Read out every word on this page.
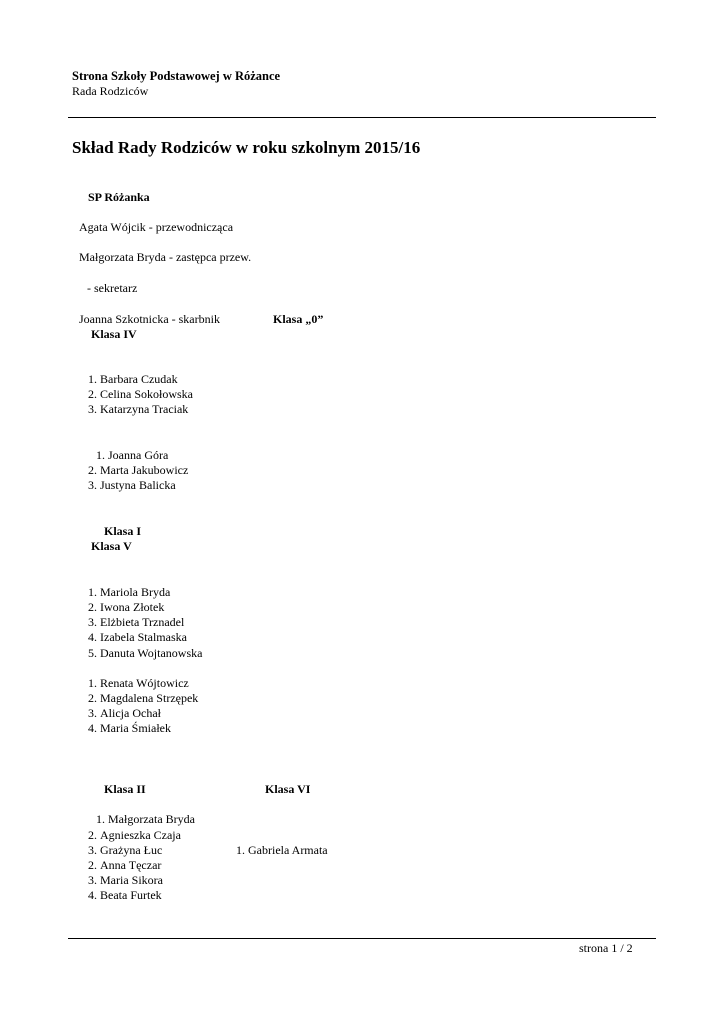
Strona Szkoły Podstawowej w Różance
Rada Rodziców
Skład Rady Rodziców w roku szkolnym 2015/16
SP Różanka
Agata Wójcik - przewodnicząca
Małgorzata Bryda - zastępca przew.
- sekretarz
Joanna Szkotnicka - skarbnik	Klasa „0”
1. Barbara Czudak
2. Celina Sokołowska
3. Katarzyna Traciak
Klasa IV
1. Joanna Góra
2. Marta Jakubowicz
3. Justyna Balicka
Klasa I
1. Mariola Bryda
2. Iwona Złotek
3. Elżbieta Trznadel
4. Izabela Stalmaska
5. Danuta Wojtanowska
Klasa V
1. Renata Wójtowicz
2. Magdalena Strzępek
3. Alicja Ochał
4. Maria Śmiałek
Klasa II
1. Małgorzata Bryda
2. Agnieszka Czaja
3. Grażyna Łuc
2. Anna Tęczar
3. Maria Sikora
4. Beata Furtek
Klasa VI
1. Gabriela Armata
strona 1 / 2
